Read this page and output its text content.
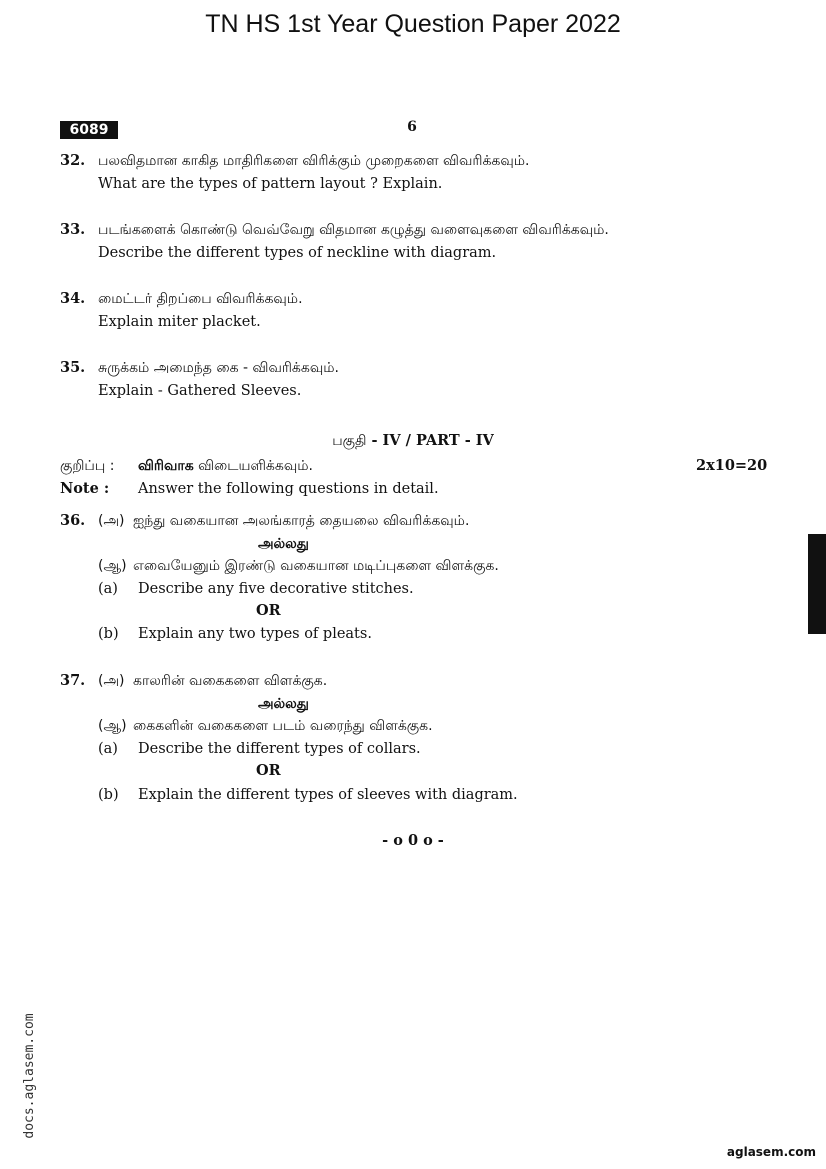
TN HS 1st Year Question Paper 2022
6089	6
32. பலவிதமான காகித மாதிரிகளை விரிக்கும் முறைகளை விவரிக்கவும்.
What are the types of pattern layout ? Explain.
33. படங்களைக் கொண்டு வெவ்வேறு விதமான கழுத்து வளைவுகளை விவரிக்கவும்.
Describe the different types of neckline with diagram.
34. மைட்டர் திறப்பை விவரிக்கவும்.
Explain miter placket.
35. சுருக்கம் அமைந்த கை - விவரிக்கவும்.
Explain - Gathered Sleeves.
பகுதி - IV / PART - IV
குறிப்பு : விரிவாக விடையளிக்கவும்.	2x10=20
Note : Answer the following questions in detail.
36. (அ) ஐந்து வகையான அலங்காரத் தையலை விவரிக்கவும்.
அல்லது
(ஆ) எவையேனும் இரண்டு வகையான மடிப்புகளை விளக்குக.
(a) Describe any five decorative stitches.
OR
(b) Explain any two types of pleats.
37. (அ) காலரின் வகைகளை விளக்குக.
அல்லது
(ஆ) கைகளின் வகைகளை படம் வரைந்து விளக்குக.
(a) Describe the different types of collars.
OR
(b) Explain the different types of sleeves with diagram.
- o 0 o -
docs.aglasem.com
aglasem.com
